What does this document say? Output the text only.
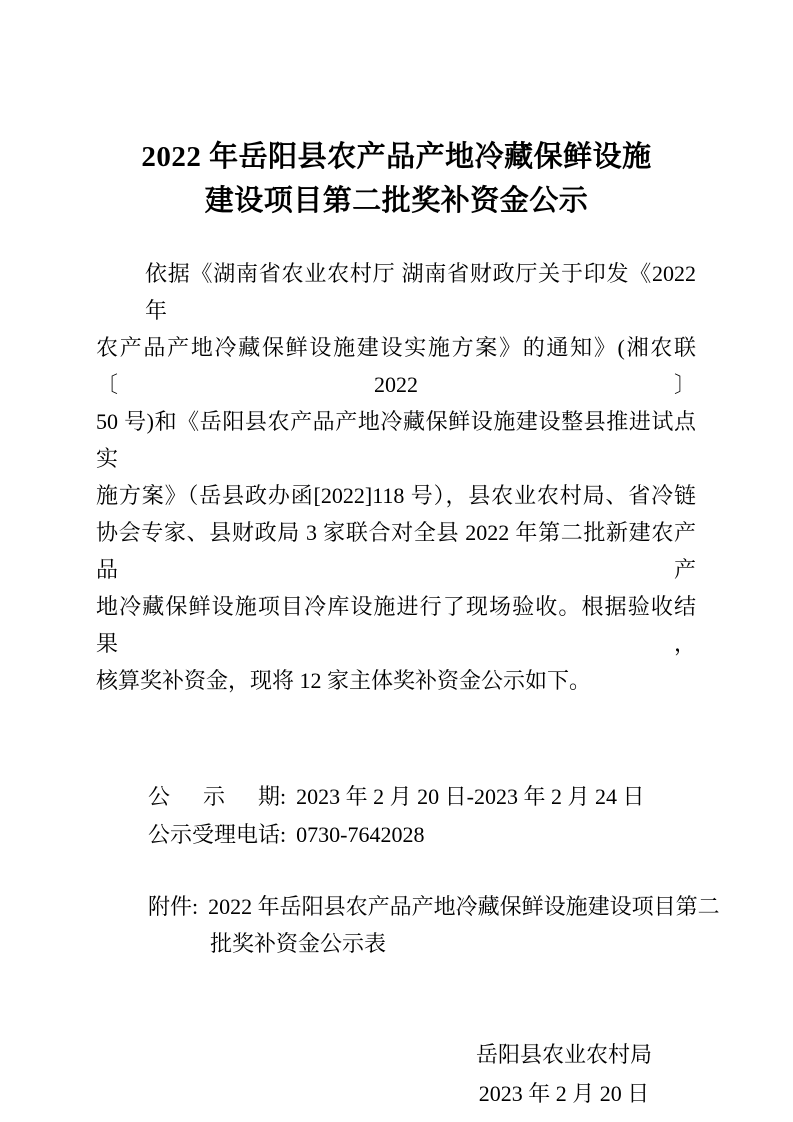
2022 年岳阳县农产品产地冷藏保鲜设施
建设项目第二批奖补资金公示
依据《湖南省农业农村厅 湖南省财政厅关于印发《2022 年
农产品产地冷藏保鲜设施建设实施方案》的通知》(湘农联〔2022〕
50 号)和《岳阳县农产品产地冷藏保鲜设施建设整县推进试点实
施方案》（岳县政办函[2022]118 号），县农业农村局、省冷链
协会专家、县财政局 3 家联合对全县 2022 年第二批新建农产品产
地冷藏保鲜设施项目冷库设施进行了现场验收。根据验收结果，
核算奖补资金，现将 12 家主体奖补资金公示如下。
公 示 期 : 2023 年 2 月 20 日-2023 年 2 月 24 日
公示受理电话: 0730-7642028
附件: 2022 年岳阳县农产品产地冷藏保鲜设施建设项目第二
批奖补资金公示表
岳阳县农业农村局
2023 年 2 月 20 日
